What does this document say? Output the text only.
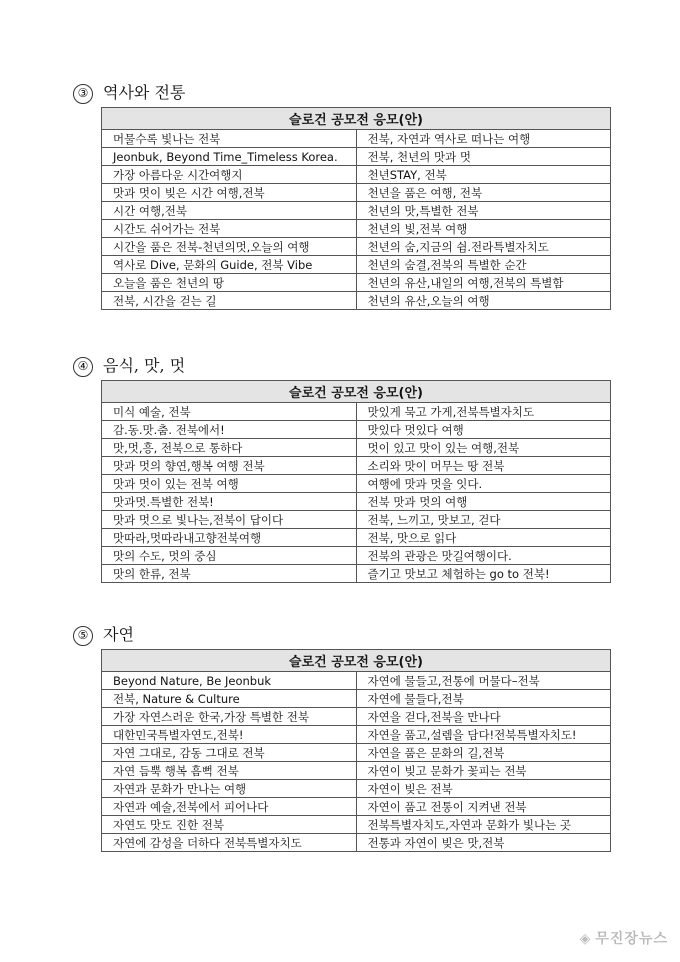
③ 역사와 전통
슬로건 공모전 응모(안)	
머물수록 빛나는 전북	전북, 자연과 역사로 떠나는 여행
Jeonbuk, Beyond Time_Timeless Korea.	전북, 천년의 맛과 멋
가장 아름다운 시간여행지	천년STAY, 전북
맛과 멋이 빚은 시간 여행,전북	천년을 품은 여행, 전북
시간 여행,전북	천년의 맛,특별한 전북
시간도 쉬어가는 전북	천년의 빛,전북 여행
시간을 품은 전북-천년의멋,오늘의 여행	천년의 숨,지금의 쉼.전라특별자치도
역사로 Dive, 문화의 Guide, 전북 Vibe	천년의 숨결,전북의 특별한 순간
오늘을 품은 천년의 땅	천년의 유산,내일의 여행,전북의 특별함
전북, 시간을 걷는 길	천년의 유산,오늘의 여행
④ 음식, 맛, 멋
슬로건 공모전 응모(안)	
미식 예술, 전북	맛있게 묵고 가게,전북특별자치도
감.동.맛.춤. 전북에서!	맛있다 멋있다 여행
맛,멋,흥, 전북으로 통하다	멋이 있고 맛이 있는 여행,전북
맛과 멋의 향연,행복 여행 전북	소리와 맛이 머무는 땅 전북
맛과 멋이 있는 전북 여행	여행에 맛과 멋을 잇다.
맛과멋.특별한 전북!	전북 맛과 멋의 여행
맛과 멋으로 빛나는,전북이 답이다	전북, 느끼고, 맛보고, 걷다
맛따라,멋따라내고향전북여행	전북, 맛으로 읽다
맛의 수도, 멋의 중심	전북의 관광은 맛길여행이다.
맛의 한류, 전북	즐기고 맛보고 체험하는 go to 전북!
⑤ 자연
슬로건 공모전 응모(안)	
Beyond Nature, Be Jeonbuk	자연에 물들고,전통에 머물다–전북
전북, Nature & Culture	자연에 물들다,전북
가장 자연스러운 한국,가장 특별한 전북	자연을 걷다,전북을 만나다
대한민국특별자연도,전북!	자연을 품고,설렘을 담다!전북특별자치도!
자연 그대로, 감동 그대로 전북	자연을 품은 문화의 길,전북
자연 듬뿍 행복 흠뻑 전북	자연이 빚고 문화가 꽃피는 전북
자연과 문화가 만나는 여행	자연이 빚은 전북
자연과 예술,전북에서 피어나다	자연이 품고 전통이 지켜낸 전북
자연도 맛도 진한 전북	전북특별자치도,자연과 문화가 빛나는 곳
자연에 감성을 더하다 전북특별자치도	전통과 자연이 빚은 맛,전북
◈ 무진장뉴스
